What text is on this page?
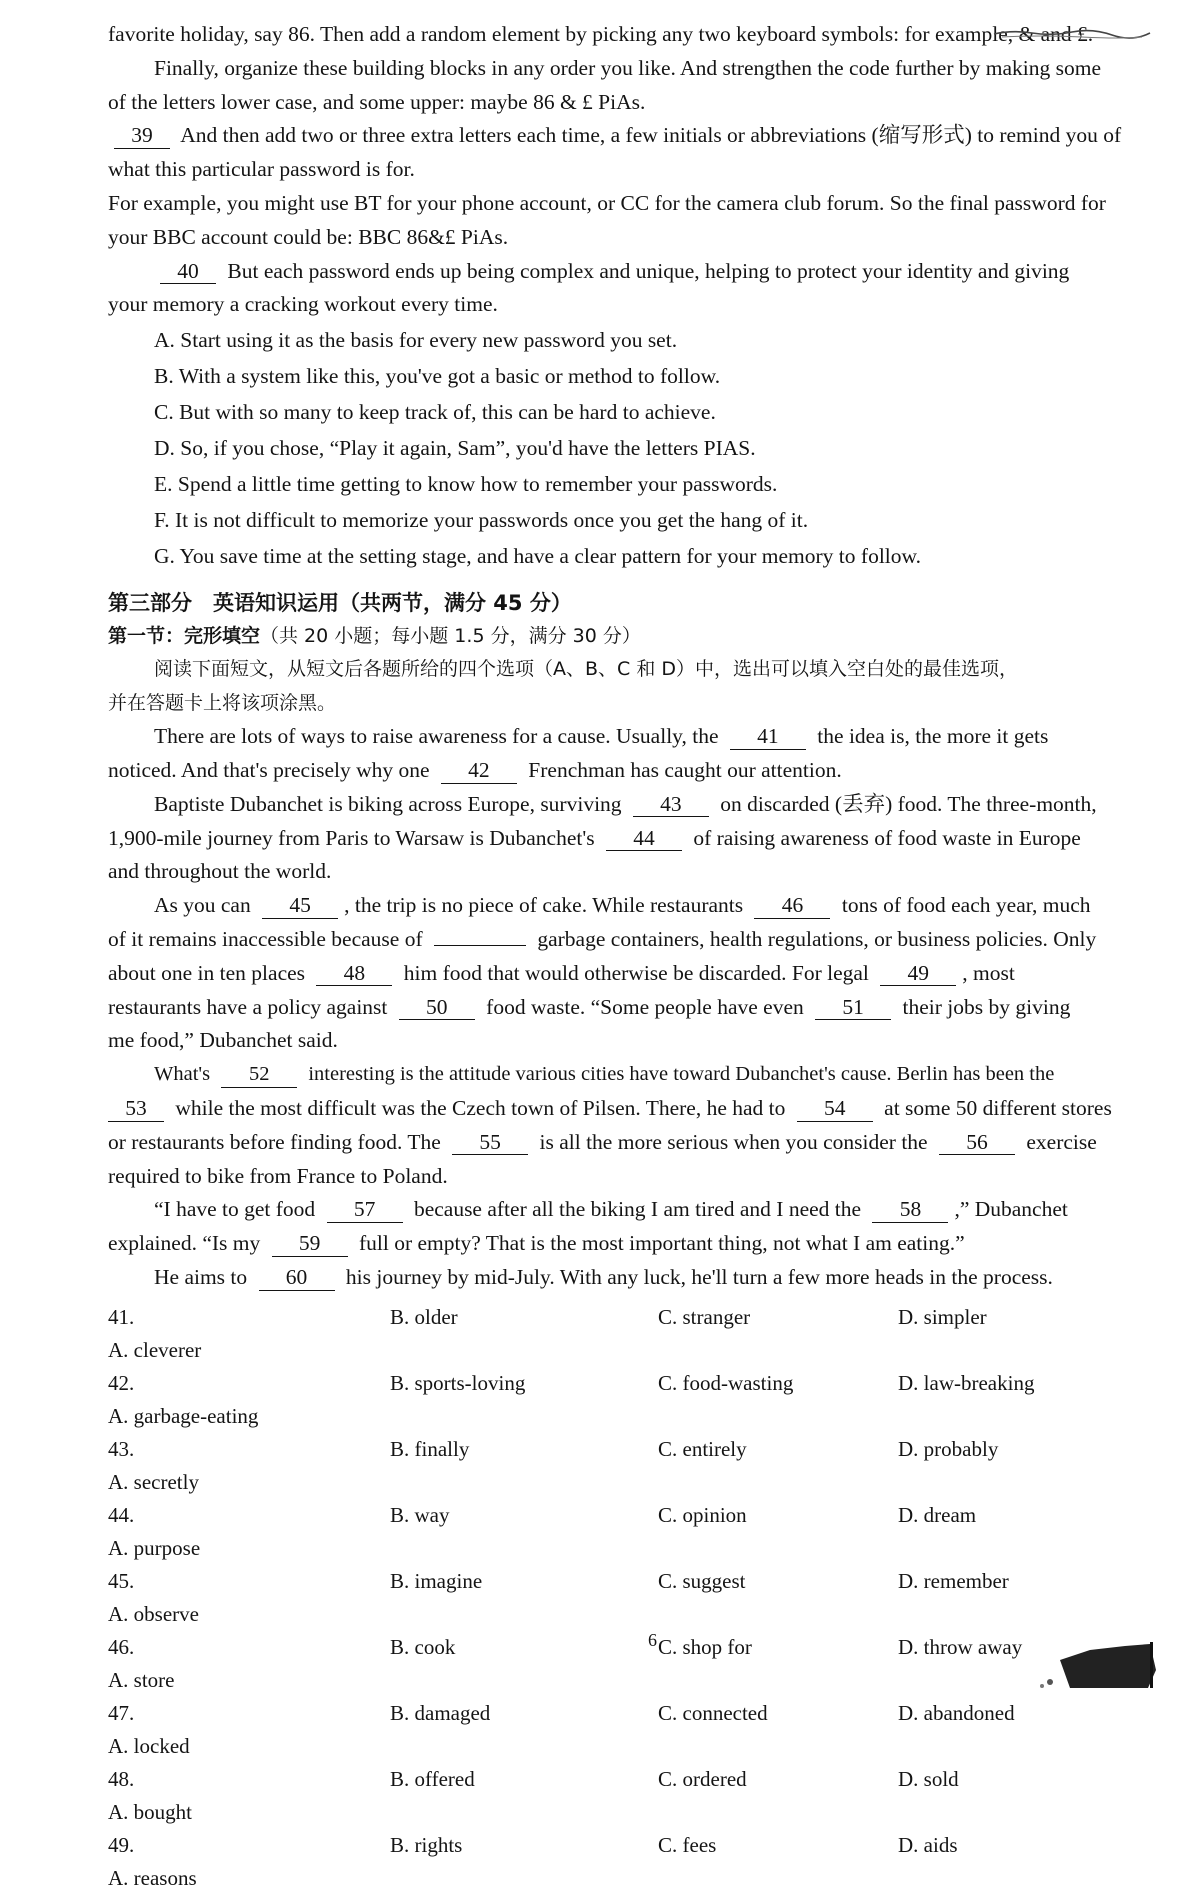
favorite holiday, say 86. Then add a random element by picking any two keyboard symbols: for example, & and £.

Finally, organize these building blocks in any order you like. And strengthen the code further by making some

of the letters lower case, and some upper: maybe 86 & £ PiAs.

39 And then add two or three extra letters each time, a few initials or abbreviations (缩写形式) to remind you of what this particular password is for.

For example, you might use BT for your phone account, or CC for the camera club forum. So the final password for

your BBC account could be: BBC 86&£ PiAs.

40 But each password ends up being complex and unique, helping to protect your identity and giving

your memory a cracking workout every time.

A. Start using it as the basis for every new password you set.

B. With a system like this, you've got a basic or method to follow.

C. But with so many to keep track of, this can be hard to achieve.

D. So, if you chose, “Play it again, Sam”, you'd have the letters PIAS.

E. Spend a little time getting to know how to remember your passwords.

F. It is not difficult to memorize your passwords once you get the hang of it.

G. You save time at the setting stage, and have a clear pattern for your memory to follow.

第三部分　英语知识运用（共两节，满分 45 分）

第一节：完形填空（共 20 小题；每小题 1.5 分，满分 30 分）

阅读下面短文，从短文后各题所给的四个选项（A、B、C 和 D）中，选出可以填入空白处的最佳选项，

并在答题卡上将该项涂黑。

There are lots of ways to raise awareness for a cause. Usually, the 41 the idea is, the more it gets

noticed. And that's precisely why one 42 Frenchman has caught our attention.

Baptiste Dubanchet is biking across Europe, surviving 43 on discarded (丢弃) food. The three-month,

1,900-mile journey from Paris to Warsaw is Dubanchet's 44 of raising awareness of food waste in Europe

and throughout the world.

As you can 45 , the trip is no piece of cake. While restaurants 46 tons of food each year, much

of it remains inaccessible because of	garbage containers, health regulations, or business policies. Only

about one in ten places 48 him food that would otherwise be discarded. For legal 49 , most

restaurants have a policy against 50 food waste. “Some people have even 51 their jobs by giving

me food,” Dubanchet said.

What's 52 interesting is the attitude various cities have toward Dubanchet's cause. Berlin has been the

53 while the most difficult was the Czech town of Pilsen. There, he had to 54 at some 50 different stores

or restaurants before finding food. The 55 is all the more serious when you consider the 56 exercise

required to bike from France to Poland.

“I have to get food 57 because after all the biking I am tired and I need the 58 ,” Dubanchet

explained. “Is my 59 full or empty? That is the most important thing, not what I am eating.”

He aims to 60 his journey by mid-July. With any luck, he'll turn a few more heads in the process.

41.
A. cleverer
B. older	C. stranger	D. simpler
42.
A. garbage-eating
B. sports-loving	C. food-wasting	D. law-breaking
43.
A. secretly
B. finally	C. entirely	D. probably
44.
A. purpose
B. way	C. opinion	D. dream
45.
A. observe
B. imagine	C. suggest	D. remember
46.
A. store
B. cook	C. shop for	D. throw away
47.
A. locked
B. damaged	C. connected	D. abandoned
48.
A. bought
B. offered	C. ordered	D. sold
49.
A. reasons
B. rights	C. fees	D. aids
6
